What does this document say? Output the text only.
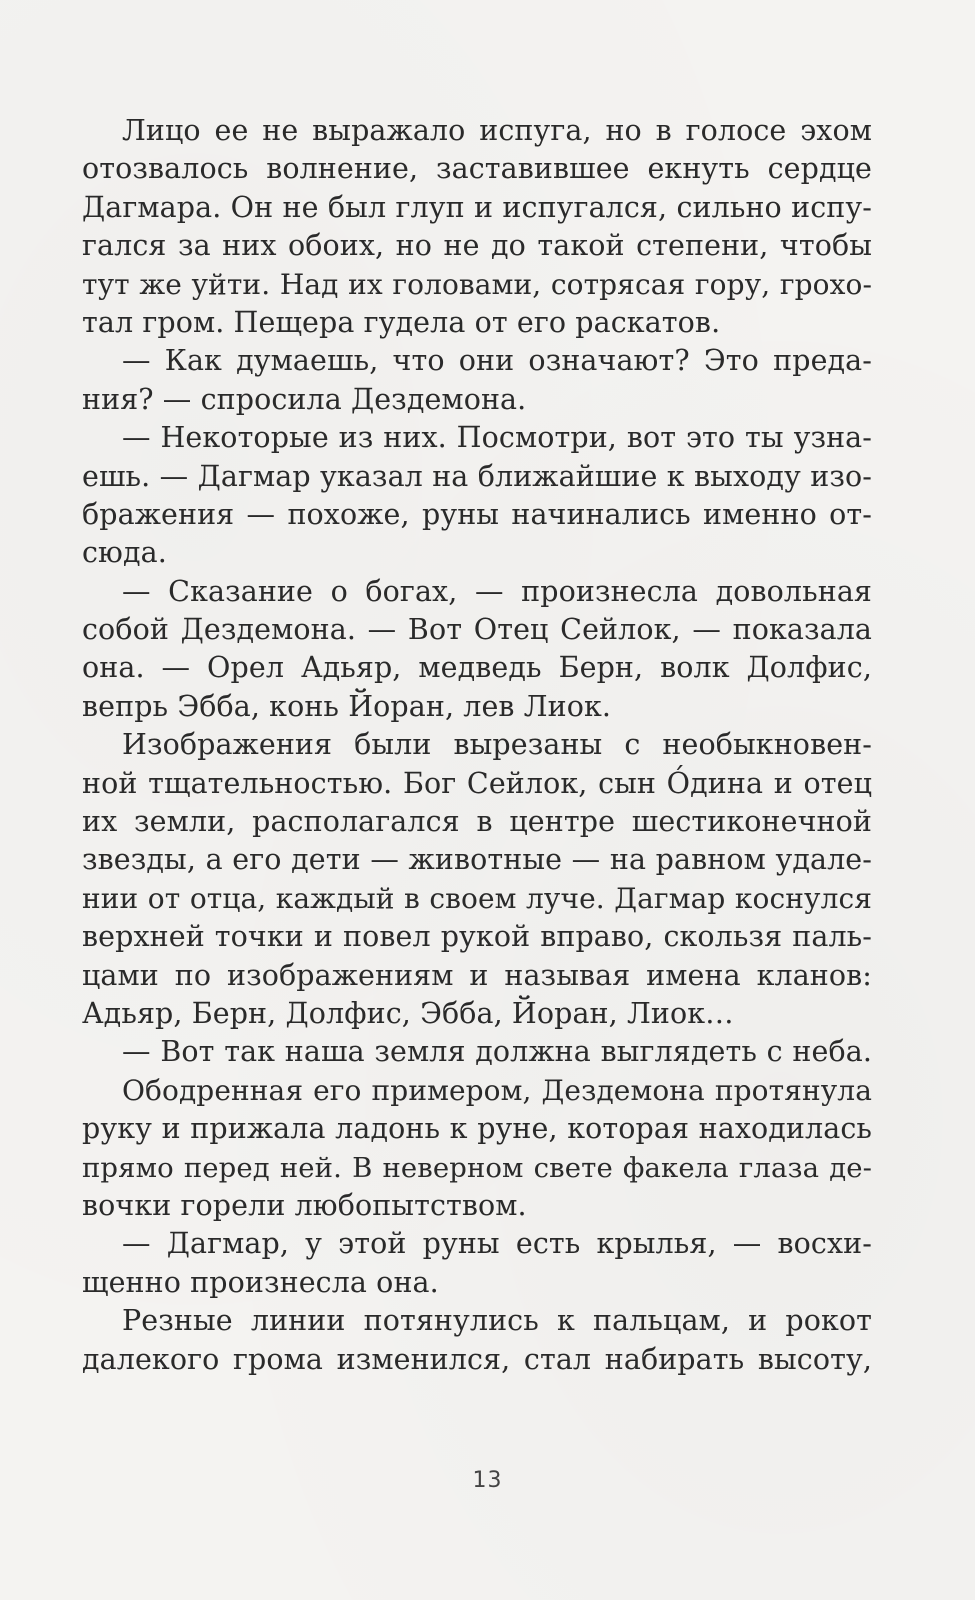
Лицо ее не выражало испуга, но в голосе эхом
отозвалось волнение, заставившее екнуть сердце
Дагмара. Он не был глуп и испугался, сильно испу-
гался за них обоих, но не до такой степени, чтобы
тут же уйти. Над их головами, сотрясая гору, грохо-
тал гром. Пещера гудела от его раскатов.
— Как думаешь, что они означают? Это преда-
ния? — спросила Дездемона.
— Некоторые из них. Посмотри, вот это ты узна-
ешь. — Дагмар указал на ближайшие к выходу изо-
бражения — похоже, руны начинались именно от-
сюда.
— Сказание о богах, — произнесла довольная
собой Дездемона. — Вот Отец Сейлок, — показала
она. — Орел Адьяр, медведь Берн, волк Долфис,
вепрь Эбба, конь Йоран, лев Лиок.
Изображения были вырезаны с необыкновен-
ной тщательностью. Бог Сейлок, сын О́дина и отец
их земли, располагался в центре шестиконечной
звезды, а его дети — животные — на равном удале-
нии от отца, каждый в своем луче. Дагмар коснулся
верхней точки и повел рукой вправо, скользя паль-
цами по изображениям и называя имена кланов:
Адьяр, Берн, Долфис, Эбба, Йоран, Лиок…
— Вот так наша земля должна выглядеть с неба.
Ободренная его примером, Дездемона протянула
руку и прижала ладонь к руне, которая находилась
прямо перед ней. В неверном свете факела глаза де-
вочки горели любопытством.
— Дагмар, у этой руны есть крылья, — восхи-
щенно произнесла она.
Резные линии потянулись к пальцам, и рокот
далекого грома изменился, стал набирать высоту,
13
